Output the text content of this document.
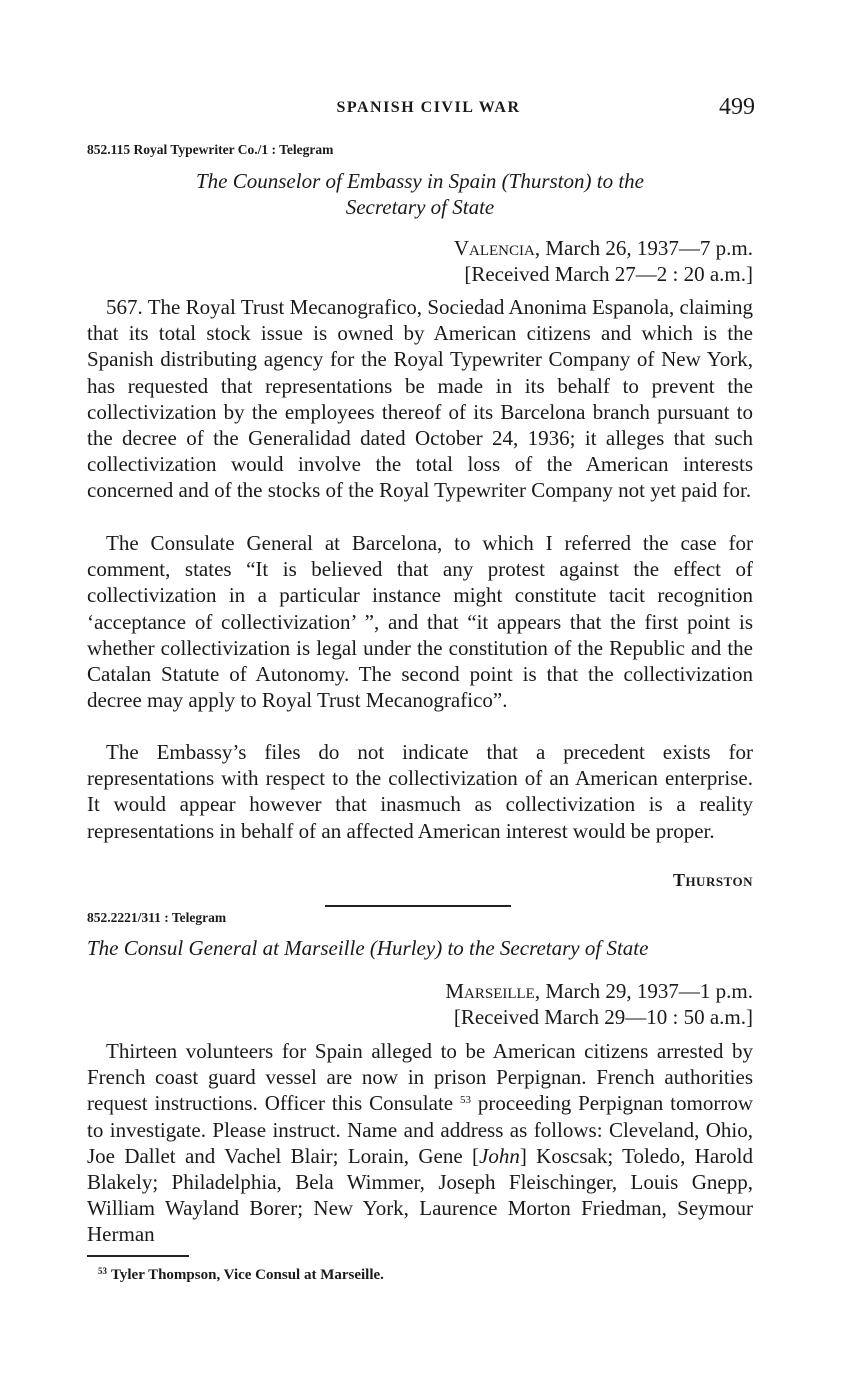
SPANISH CIVIL WAR	499
852.115 Royal Typewriter Co./1 : Telegram
The Counselor of Embassy in Spain (Thurston) to the
Secretary of State
Valencia, March 26, 1937—7 p.m.
[Received March 27—2 : 20 a.m.]

567. The Royal Trust Mecanografico, Sociedad Anonima Espanola, claiming that its total stock issue is owned by American citizens and which is the Spanish distributing agency for the Royal Typewriter Company of New York, has requested that representations be made in its behalf to prevent the collectivization by the employees thereof of its Barcelona branch pursuant to the decree of the Generalidad dated October 24, 1936; it alleges that such collectivization would involve the total loss of the American interests concerned and of the stocks of the Royal Typewriter Company not yet paid for.

The Consulate General at Barcelona, to which I referred the case for comment, states “It is believed that any protest against the effect of collectivization in a particular instance might constitute tacit recognition ‘acceptance of collectivization’ ”, and that “it appears that the first point is whether collectivization is legal under the constitution of the Republic and the Catalan Statute of Autonomy. The second point is that the collectivization decree may apply to Royal Trust Mecanografico”.

The Embassy’s files do not indicate that a precedent exists for representations with respect to the collectivization of an American enterprise. It would appear however that inasmuch as collectivization is a reality representations in behalf of an affected American interest would be proper.

Thurston
852.2221/311 : Telegram
The Consul General at Marseille (Hurley) to the Secretary of State
Marseille, March 29, 1937—1 p.m.
[Received March 29—10 : 50 a.m.]

Thirteen volunteers for Spain alleged to be American citizens arrested by French coast guard vessel are now in prison Perpignan. French authorities request instructions. Officer this Consulate $^{53}$ proceeding Perpignan tomorrow to investigate. Please instruct. Name and address as follows: Cleveland, Ohio, Joe Dallet and Vachel Blair; Lorain, Gene [John] Koscsak; Toledo, Harold Blakely; Philadelphia, Bela Wimmer, Joseph Fleischinger, Louis Gnepp, William Wayland Borer; New York, Laurence Morton Friedman, Seymour Herman

$^{53}$ Tyler Thompson, Vice Consul at Marseille.
